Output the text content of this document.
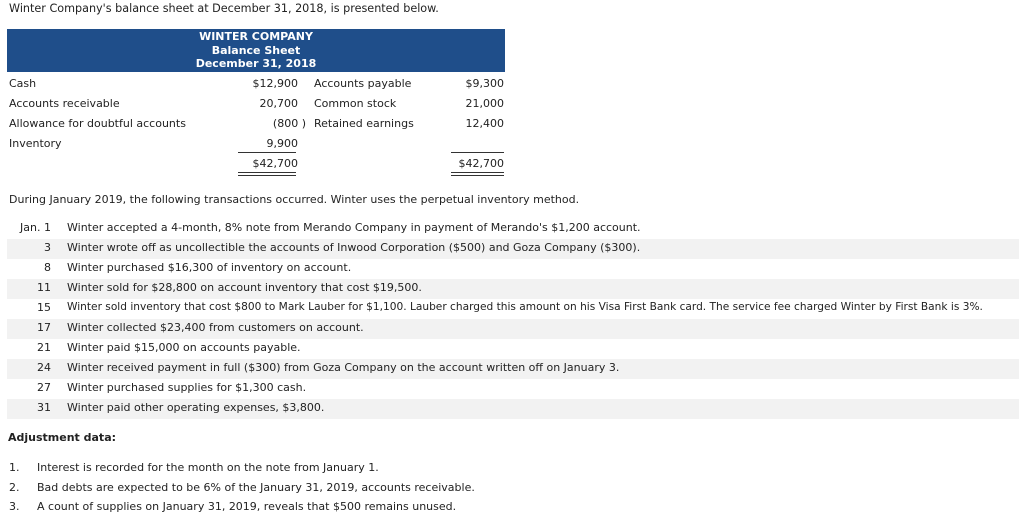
Winter Company's balance sheet at December 31, 2018, is presented below.
WINTER COMPANY
Balance Sheet
December 31, 2018
Cash	$12,900 Accounts payable	$9,300
Accounts receivable	20,700 Common stock	21,000
Allowance for doubtful accounts	(800 ) Retained earnings	12,400
Inventory	9,900
$42,700	$42,700
During January 2019, the following transactions occurred. Winter uses the perpetual inventory method.
Jan. 1 Winter accepted a 4-month, 8% note from Merando Company in payment of Merando's $1,200 account.
3 Winter wrote off as uncollectible the accounts of Inwood Corporation ($500) and Goza Company ($300).
8 Winter purchased $16,300 of inventory on account.
11 Winter sold for $28,800 on account inventory that cost $19,500.
15 Winter sold inventory that cost $800 to Mark Lauber for $1,100. Lauber charged this amount on his Visa First Bank card. The service fee charged Winter by First Bank is 3%.
17 Winter collected $23,400 from customers on account.
21 Winter paid $15,000 on accounts payable.
24 Winter received payment in full ($300) from Goza Company on the account written off on January 3.
27 Winter purchased supplies for $1,300 cash.
31 Winter paid other operating expenses, $3,800.
Adjustment data:
1. Interest is recorded for the month on the note from January 1.
2. Bad debts are expected to be 6% of the January 31, 2019, accounts receivable.
3. A count of supplies on January 31, 2019, reveals that $500 remains unused.
